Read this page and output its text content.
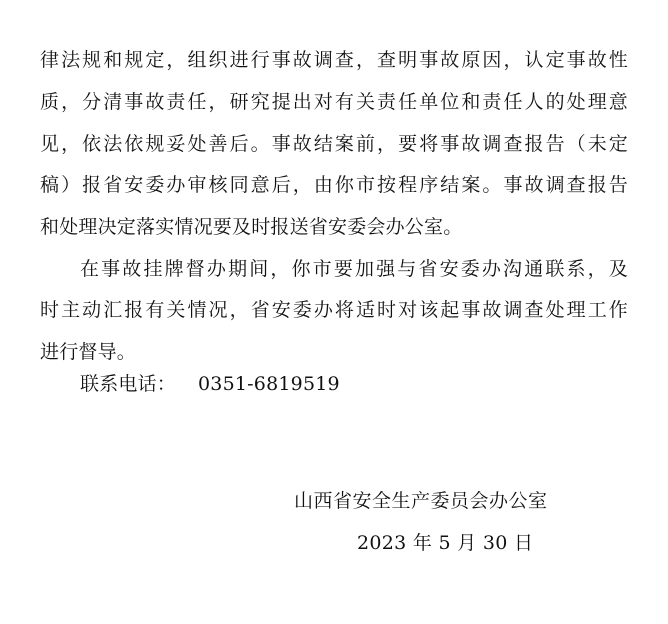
律法规和规定，组织进行事故调查，查明事故原因，认定事故性
质，分清事故责任，研究提出对有关责任单位和责任人的处理意
见，依法依规妥处善后。事故结案前，要将事故调查报告（未定
稿）报省安委办审核同意后，由你市按程序结案。事故调查报告
和处理决定落实情况要及时报送省安委会办公室。
在事故挂牌督办期间，你市要加强与省安委办沟通联系，及
时主动汇报有关情况，省安委办将适时对该起事故调查处理工作
进行督导。
联系电话： 0351-6819519
山西省安全生产委员会办公室
2023 年 5 月 30 日
